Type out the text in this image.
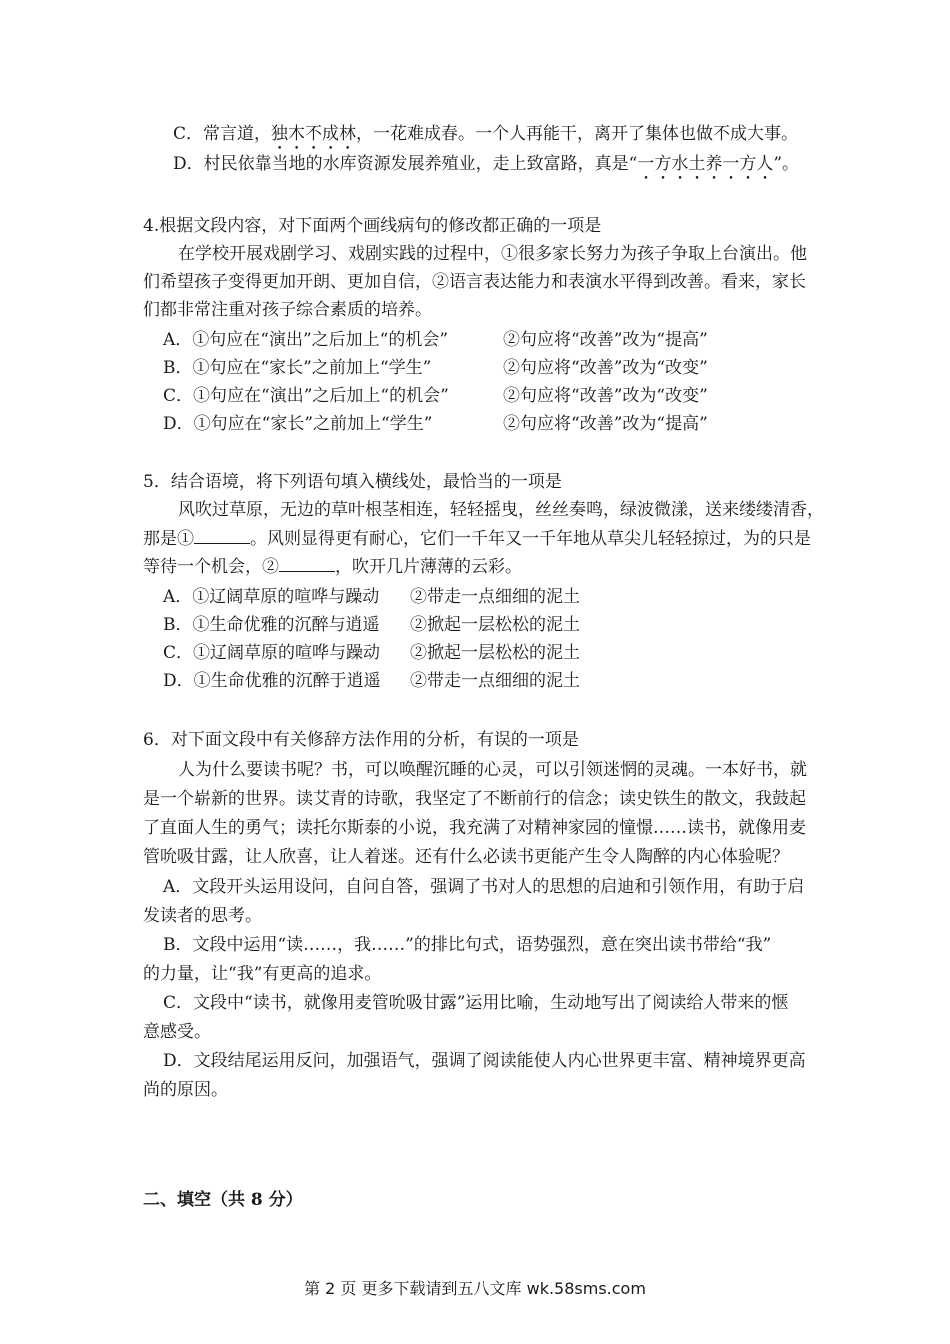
C．常言道，独木不成林，一花难成春。一个人再能干，离开了集体也做不成大事。
D．村民依靠当地的水库资源发展养殖业，走上致富路，真是“一方水土养一方人”。
4.根据文段内容，对下面两个画线病句的修改都正确的一项是
在学校开展戏剧学习、戏剧实践的过程中，①很多家长努力为孩子争取上台演出。他
们希望孩子变得更加开朗、更加自信，②语言表达能力和表演水平得到改善。看来，家长
们都非常注重对孩子综合素质的培养。
A．①句应在“演出”之后加上“的机会”	②句应将“改善”改为“提高”
B．①句应在“家长”之前加上“学生”	②句应将“改善”改为“改变”
C．①句应在“演出”之后加上“的机会”	②句应将“改善”改为“改变”
D．①句应在“家长”之前加上“学生”	②句应将“改善”改为“提高”
5．结合语境，将下列语句填入横线处，最恰当的一项是
风吹过草原，无边的草叶根茎相连，轻轻摇曳，丝丝奏鸣，绿波微漾，送来缕缕清香，
那是①	。风则显得更有耐心，它们一千年又一千年地从草尖儿轻轻掠过，为的只是
等待一个机会，②	，吹开几片薄薄的云彩。
A．①辽阔草原的喧哗与躁动 ②带走一点细细的泥土
B．①生命优雅的沉醉与逍遥 ②掀起一层松松的泥土
C．①辽阔草原的喧哗与躁动 ②掀起一层松松的泥土
D．①生命优雅的沉醉于逍遥 ②带走一点细细的泥土
6．对下面文段中有关修辞方法作用的分析，有误的一项是
人为什么要读书呢？书，可以唤醒沉睡的心灵，可以引领迷惘的灵魂。一本好书，就
是一个崭新的世界。读艾青的诗歌，我坚定了不断前行的信念；读史铁生的散文，我鼓起
了直面人生的勇气；读托尔斯泰的小说，我充满了对精神家园的憧憬……读书，就像用麦
管吮吸甘露，让人欣喜，让人着迷。还有什么必读书更能产生令人陶醉的内心体验呢？
A．文段开头运用设问，自问自答，强调了书对人的思想的启迪和引领作用，有助于启
发读者的思考。
B．文段中运用“读……，我……”的排比句式，语势强烈，意在突出读书带给“我”
的力量，让“我”有更高的追求。
C．文段中“读书，就像用麦管吮吸甘露”运用比喻，生动地写出了阅读给人带来的惬
意感受。
D．文段结尾运用反问，加强语气，强调了阅读能使人内心世界更丰富、精神境界更高
尚的原因。
二、填空（共 8 分）
第 2 页 更多下载请到五八文库 wk.58sms.com
